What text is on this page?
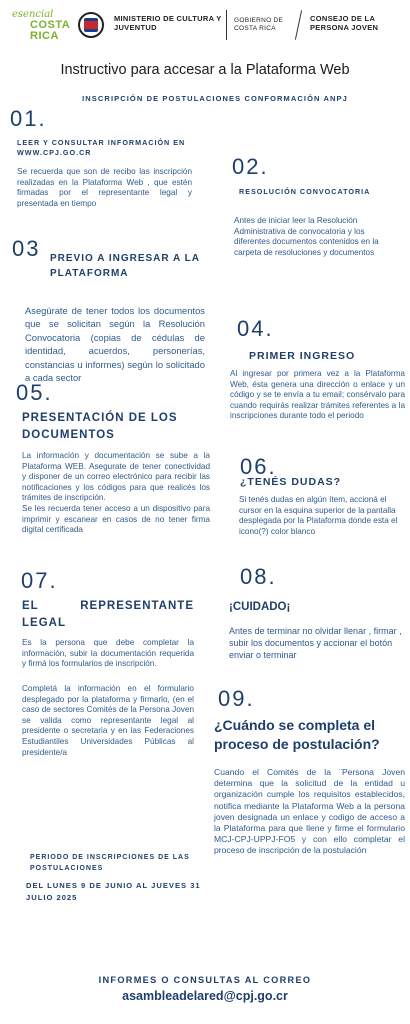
esencial
COSTA RICA
MINISTERIO DE CULTURA Y JUVENTUD
GOBIERNO DE COSTA RICA
CONSEJO DE LA PERSONA JOVEN
Instructivo para accesar a la Plataforma Web
INSCRIPCIÓN DE POSTULACIONES CONFORMACIÓN ANPJ
01.
LEER Y CONSULTAR INFORMACIÓN EN WWW.CPJ.GO.CR
Se recuerda que son de recibo las inscripción realizadas en la Plataforma Web , que estén firmadas por el representante legal y presentada en tiempo
02.
RESOLUCIÓN CONVOCATORIA
Antes de iniciar leer la Resolución Administrativa de convocatoria y los diferentes documentos contenidos en la carpeta de resoluciones y documentos
03 PREVIO A INGRESAR A LA PLATAFORMA
Asegúrate de tener todos los documentos que se solicitan según la Resolución Convocatoria (copias de cédulas de identidad, acuerdos, personerías, constancias u informes) según lo solicitado a cada sector
04.
PRIMER INGRESO
Al ingresar por primera vez a la Plataforma Web, ésta genera una dirección o enlace y un código y se te envía a tu email; consérvalo para cuando requirás realizar trámites referentes a la inscripciones durante todo el periodo
05.
PRESENTACIÓN DE LOS DOCUMENTOS
La información y documentación se sube a la Plataforma WEB. Asegurate de tener conectividad y disponer de un correo electrónico para recibir las notificaciones y los códigos para que realicés los trámites de inscripción.
Se les recuerda tener acceso a un dispositivo para imprimir y escanear en casos de no tener firma digital certificada
06.
¿TENÉS DUDAS?
Si tenés dudas en algún ítem, accioná el cursor en la esquina superior de la pantalla desplegada por la Plataforma donde esta el icono(?) color blanco
07.
EL REPRESENTANTE LEGAL
Es la persona que debe completar la información, subir la documentación requerida y firmá los formularios de inscripción.
Completá la información en el formulario desplegado por la plataforma y firmarlo, (en el caso de sectores Comités de la Persona Joven se valida como representante legal al presidente o secretaria y en las Federaciones Estudiantiles Universidades Públicas al presidente/a
08.
¡CUIDADO¡
Antes de terminar no olvidar llenar , firmar , subir los documentos y accionar el botón enviar o terminar
09.
¿Cuándo se completa el proceso de postulación?
Cuando el Comités de la ¨Persona Joven determina que la solicitud de la entidad u organización cumple los requisitos establecidos, notifica mediante la Plataforma Web a la persona joven designada un enlace y codigo de acceso a la Plataforma para que llene y firme el formulario MCJ-CPJ-UPPJ-FO5 y con ello completar el proceso de inscripción de la postulación
PERIODO DE INSCRIPCIONES DE LAS POSTULACIONES
DEL LUNES 9 DE JUNIO AL JUEVES 31 JULIO 2025
INFORMES O CONSULTAS AL CORREO
asambleadelared@cpj.go.cr
